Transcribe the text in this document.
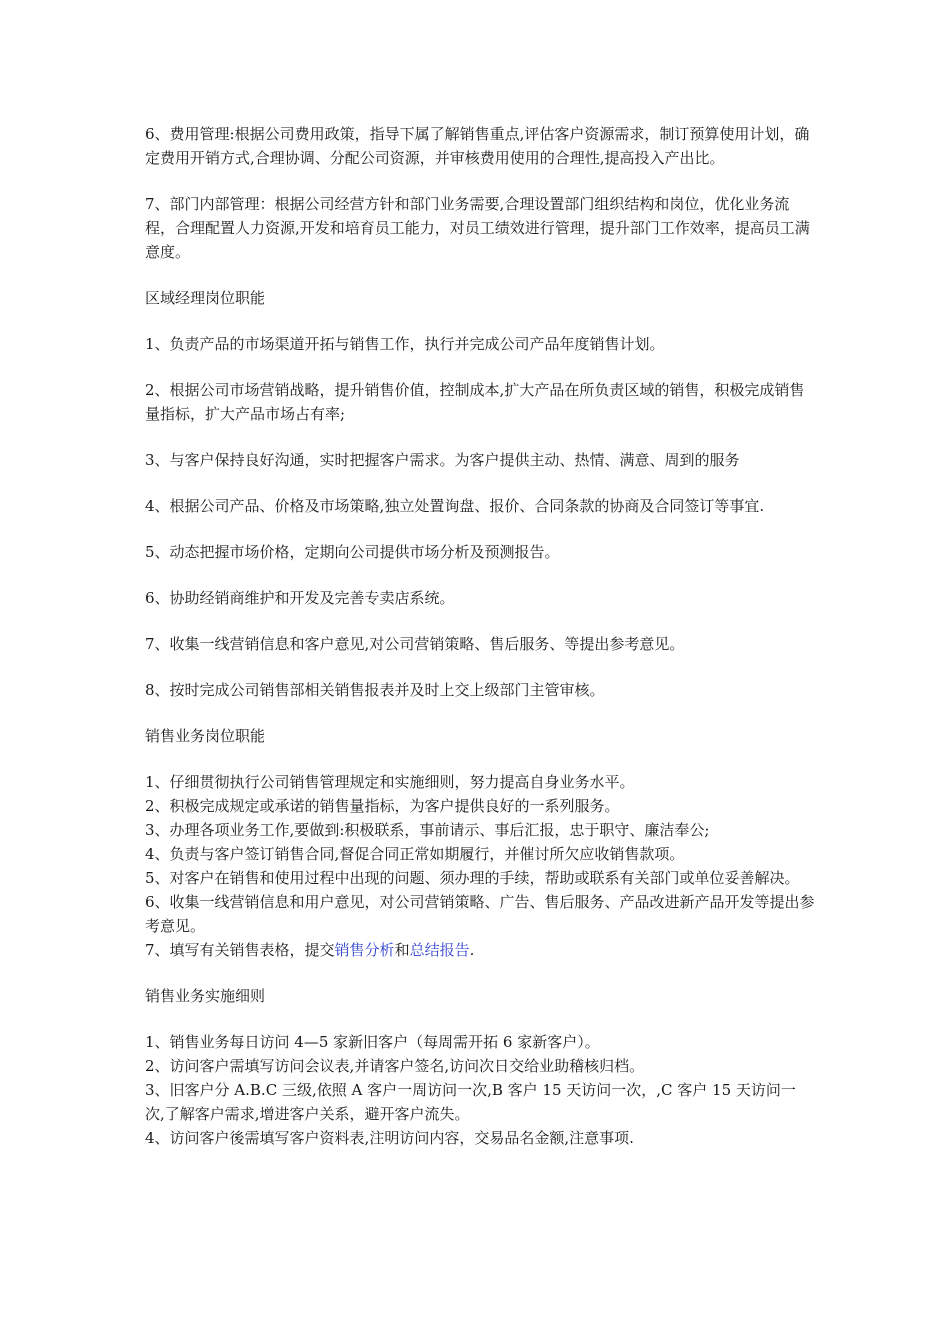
6、费用管理:根据公司费用政策，指导下属了解销售重点,评估客户资源需求，制订预算使用计划，确定费用开销方式,合理协调、分配公司资源，并审核费用使用的合理性,提高投入产出比。

7、部门内部管理：根据公司经营方针和部门业务需要,合理设置部门组织结构和岗位，优化业务流程，合理配置人力资源,开发和培育员工能力，对员工绩效进行管理，提升部门工作效率，提高员工满意度。

区域经理岗位职能

1、负责产品的市场渠道开拓与销售工作，执行并完成公司产品年度销售计划。

2、根据公司市场营销战略，提升销售价值，控制成本,扩大产品在所负责区域的销售，积极完成销售量指标，扩大产品市场占有率;

3、与客户保持良好沟通，实时把握客户需求。为客户提供主动、热情、满意、周到的服务

4、根据公司产品、价格及市场策略,独立处置询盘、报价、合同条款的协商及合同签订等事宜.

5、动态把握市场价格，定期向公司提供市场分析及预测报告。

6、协助经销商维护和开发及完善专卖店系统。

7、收集一线营销信息和客户意见,对公司营销策略、售后服务、等提出参考意见。

8、按时完成公司销售部相关销售报表并及时上交上级部门主管审核。

销售业务岗位职能

1、仔细贯彻执行公司销售管理规定和实施细则，努力提高自身业务水平。

2、积极完成规定或承诺的销售量指标，为客户提供良好的一系列服务。

3、办理各项业务工作,要做到:积极联系，事前请示、事后汇报，忠于职守、廉洁奉公;

4、负责与客户签订销售合同,督促合同正常如期履行，并催讨所欠应收销售款项。

5、对客户在销售和使用过程中出现的问题、须办理的手续，帮助或联系有关部门或单位妥善解决。

6、收集一线营销信息和用户意见，对公司营销策略、广告、售后服务、产品改进新产品开发等提出参考意见。

7、填写有关销售表格，提交销售分析和总结报告.

销售业务实施细则

1、销售业务每日访问 4—5 家新旧客户（每周需开拓 6 家新客户）。

2、访问客户需填写访问会议表,并请客户签名,访问次日交给业助稽核归档。

3、旧客户分 A.B.C 三级,依照 A 客户一周访问一次,B 客户 15 天访问一次，,C 客户 15 天访问一次,了解客户需求,增进客户关系，避开客户流失。

4、访问客户後需填写客户资料表,注明访问内容，交易品名金额,注意事项.
